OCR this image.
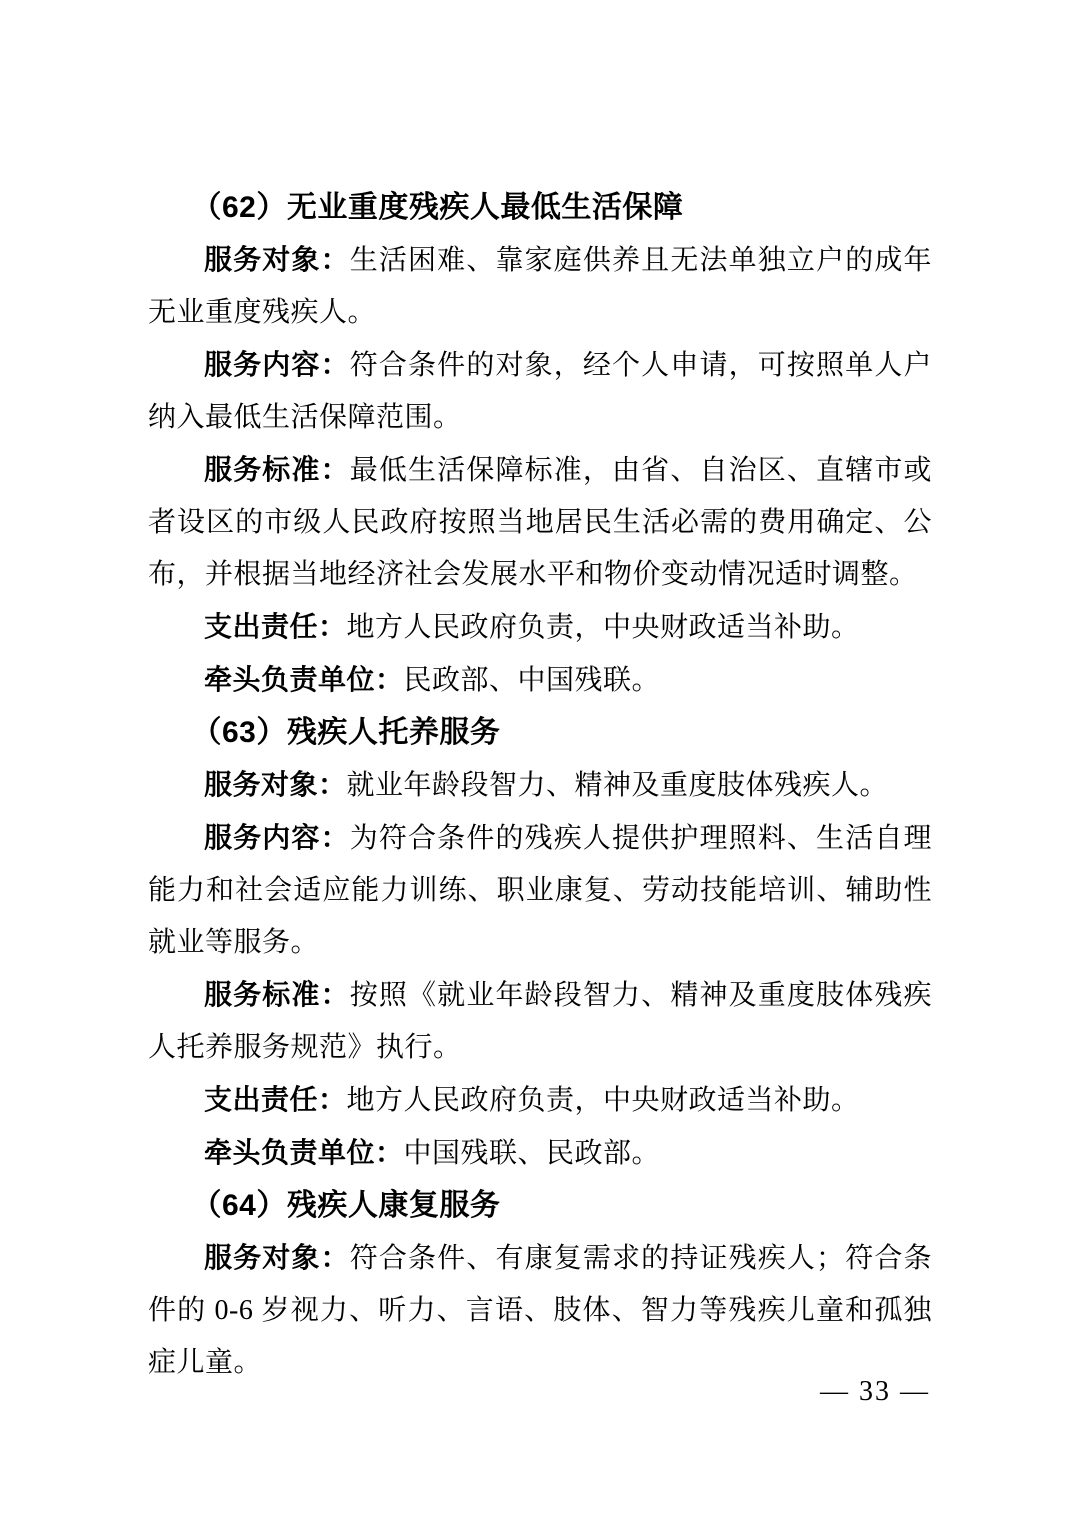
（62）无业重度残疾人最低生活保障

服务对象：生活困难、靠家庭供养且无法单独立户的成年无业重度残疾人。

服务内容：符合条件的对象，经个人申请，可按照单人户纳入最低生活保障范围。

服务标准：最低生活保障标准，由省、自治区、直辖市或者设区的市级人民政府按照当地居民生活必需的费用确定、公布，并根据当地经济社会发展水平和物价变动情况适时调整。

支出责任：地方人民政府负责，中央财政适当补助。

牵头负责单位：民政部、中国残联。

（63）残疾人托养服务

服务对象：就业年龄段智力、精神及重度肢体残疾人。

服务内容：为符合条件的残疾人提供护理照料、生活自理能力和社会适应能力训练、职业康复、劳动技能培训、辅助性就业等服务。

服务标准：按照《就业年龄段智力、精神及重度肢体残疾人托养服务规范》执行。

支出责任：地方人民政府负责，中央财政适当补助。

牵头负责单位：中国残联、民政部。

（64）残疾人康复服务

服务对象：符合条件、有康复需求的持证残疾人；符合条件的 0-6 岁视力、听力、言语、肢体、智力等残疾儿童和孤独症儿童。

— 33 —
